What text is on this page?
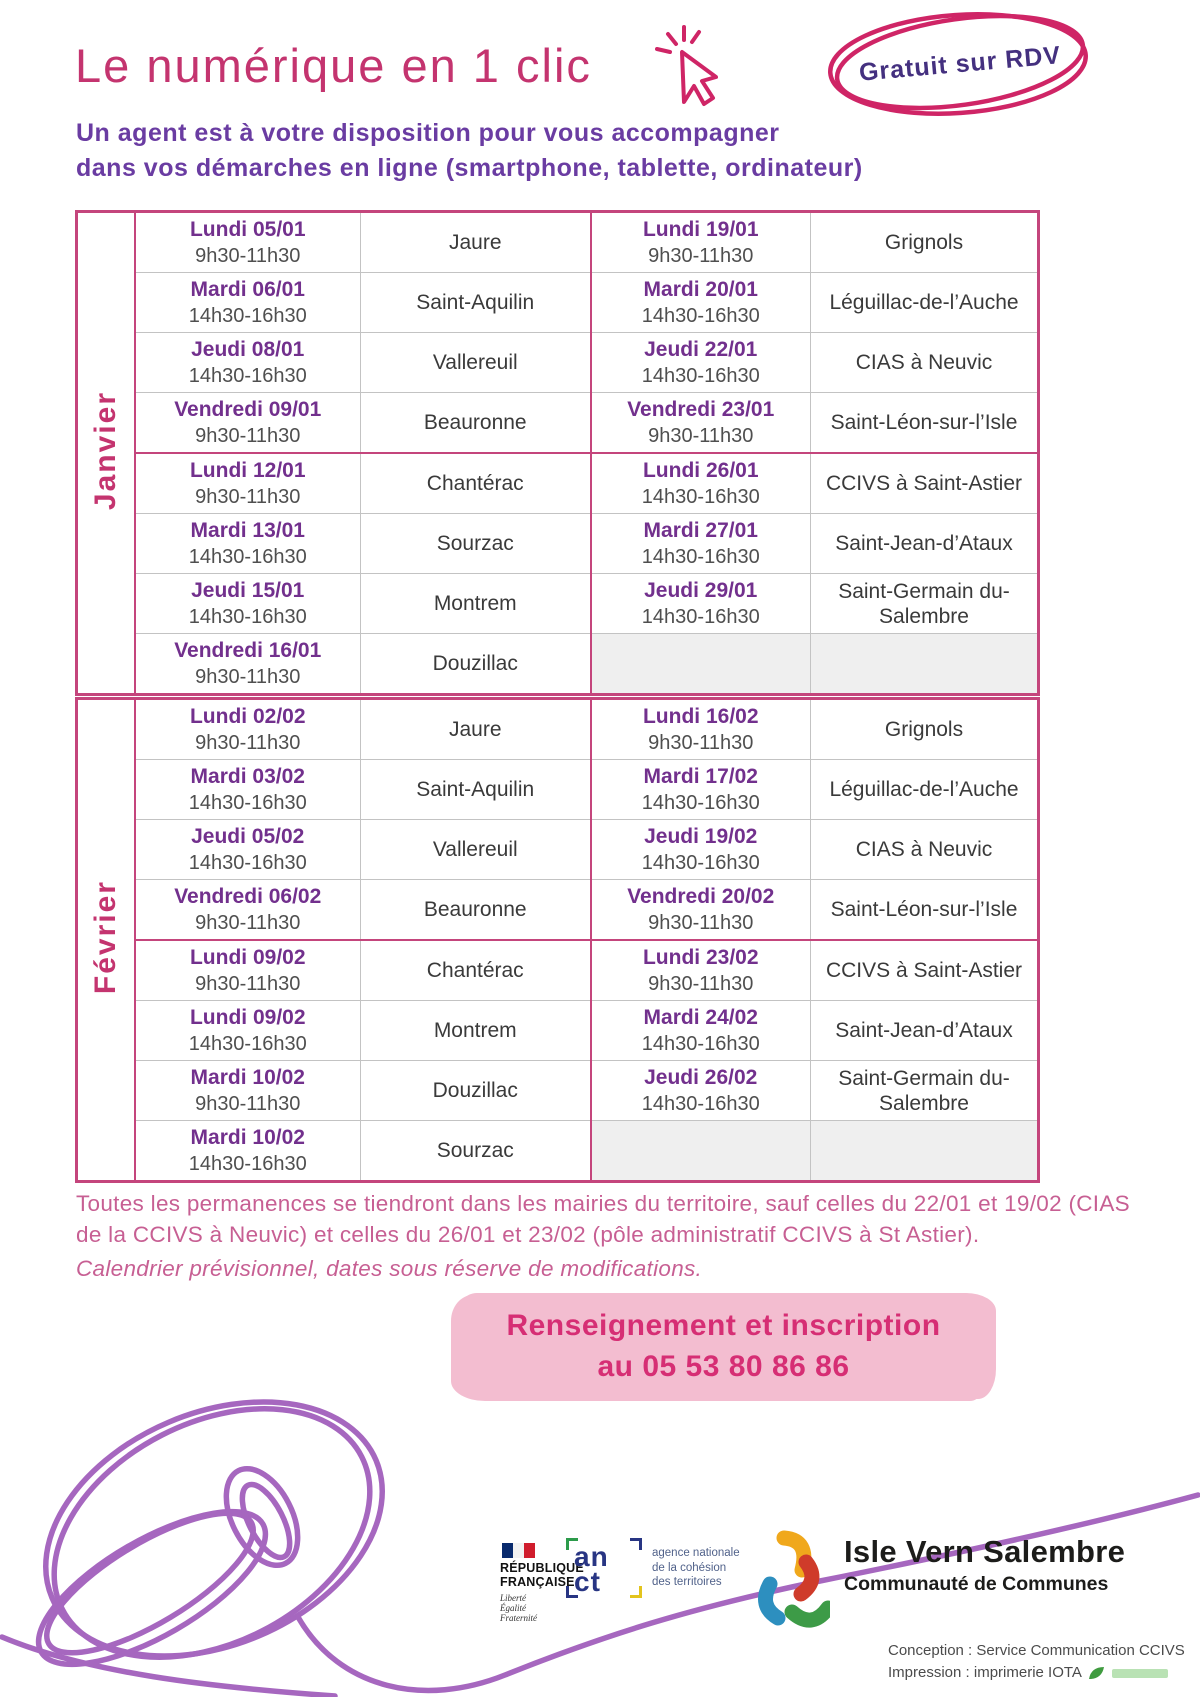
Le numérique en 1 clic	Gratuit sur RDV
Un agent est à votre disposition pour vous accompagner
dans vos démarches en ligne (smartphone, tablette, ordinateur)
Janvier	
Lundi 05/01
9h30-11h30
	Jaure	
Lundi 19/01
9h30-11h30
	Grignols

Mardi 06/01
14h30-16h30
	Saint-Aquilin	
Mardi 20/01
14h30-16h30
	Léguillac-de-l’Auche

Jeudi 08/01
14h30-16h30
	Vallereuil	
Jeudi 22/01
14h30-16h30
	CIAS à Neuvic

Vendredi 09/01
9h30-11h30
	Beauronne	
Vendredi 23/01
9h30-11h30
	Saint-Léon-sur-l’Isle

Lundi 12/01
9h30-11h30
	Chantérac	
Lundi 26/01
14h30-16h30
	CCIVS à Saint-Astier

Mardi 13/01
14h30-16h30
	Sourzac	
Mardi 27/01
14h30-16h30
	Saint-Jean-d’Ataux

Jeudi 15/01
14h30-16h30
	Montrem	
Jeudi 29/01
14h30-16h30
	Saint-Germain du-Salembre

	Vendredi 16/01
9h30-11h30	Douzillac	

Février	
Lundi 02/02
9h30-11h30
	Jaure	
Lundi 16/02
9h30-11h30
	Grignols

Mardi 03/02
14h30-16h30
	Saint-Aquilin	
Mardi 17/02
14h30-16h30
	Léguillac-de-l’Auche

Jeudi 05/02
14h30-16h30
	Vallereuil	
Jeudi 19/02
14h30-16h30
	CIAS à Neuvic

Vendredi 06/02
9h30-11h30
	Beauronne	
Vendredi 20/02
9h30-11h30
	Saint-Léon-sur-l’Isle

Lundi 09/02
9h30-11h30
	Chantérac	
Lundi 23/02
9h30-11h30
	CCIVS à Saint-Astier

Lundi 09/02
14h30-16h30
	Montrem	
Mardi 24/02
14h30-16h30
	Saint-Jean-d’Ataux

Mardi 10/02
9h30-11h30
	Douzillac	
Jeudi 26/02
14h30-16h30
	Saint-Germain du-Salembre

	Mardi 10/02
14h30-16h30	Sourzac	

Toutes les permanences se tiendront dans les mairies du territoire, sauf celles du 22/01 et 19/02 (CIAS de la CCIVS à Neuvic) et celles du 26/01 et 23/02 (pôle administratif CCIVS à St Astier).
Calendrier prévisionnel, dates sous réserve de modifications.
Renseignement et inscription
au 05 53 80 86 86
RÉPUBLIQUE
FRANÇAISE
Liberté
Égalité
Fraternité
an
ct
agence nationale
de la cohésion
des territoires
Isle Vern Salembre
Communauté de Communes
Conception : Service Communication CCIVS
Impression : imprimerie IOTA
